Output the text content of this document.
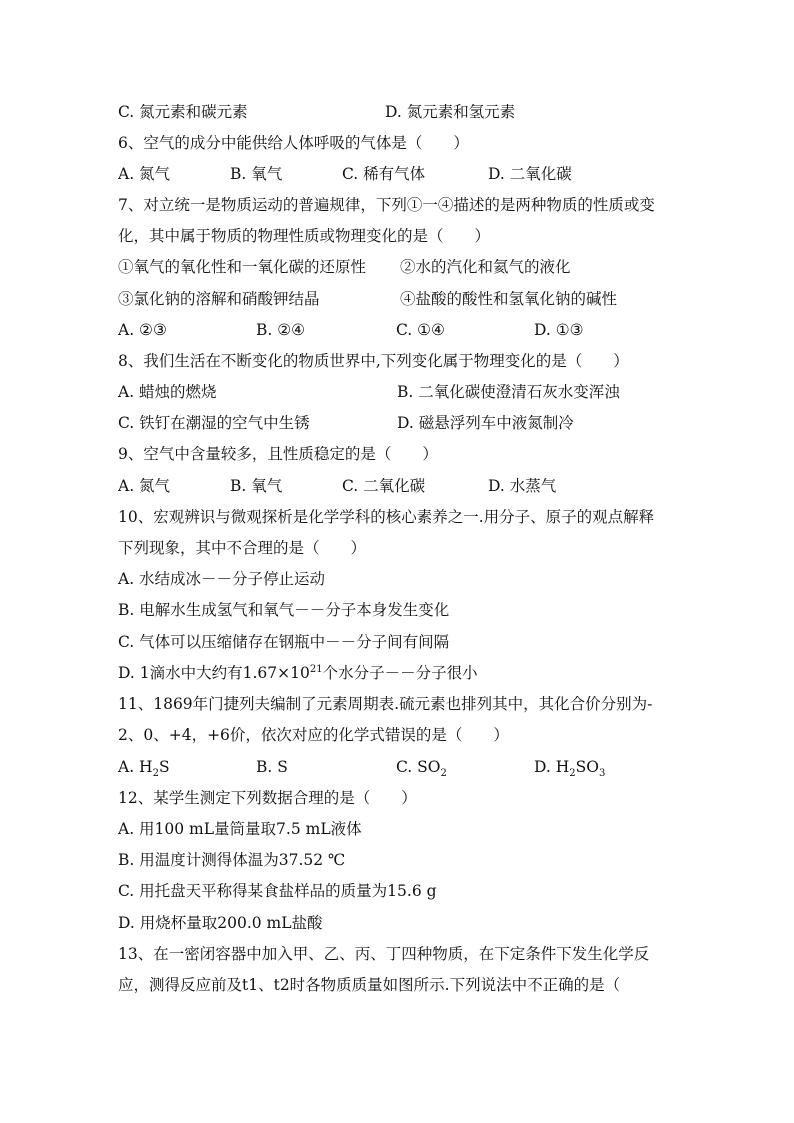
C. 氮元素和碳元素	D. 氮元素和氢元素
6、空气的成分中能供给人体呼吸的气体是（　　）
A. 氮气	B. 氧气	C. 稀有气体	D. 二氧化碳
7、对立统一是物质运动的普遍规律，下列①一④描述的是两种物质的性质或变
化，其中属于物质的物理性质或物理变化的是（　　）
①氧气的氧化性和一氧化碳的还原性 ②水的汽化和氦气的液化
③氯化钠的溶解和硝酸钾结晶	④盐酸的酸性和氢氧化钠的碱性
A. ②③	B. ②④	C. ①④	D. ①③
8、我们生活在不断变化的物质世界中,下列变化属于物理变化的是（　　）
A. 蜡烛的燃烧	B. 二氧化碳使澄清石灰水变浑浊
C. 铁钉在潮湿的空气中生锈	D. 磁悬浮列车中液氮制冷
9、空气中含量较多，且性质稳定的是（　　）
A. 氮气	B. 氧气	C. 二氧化碳	D. 水蒸气
10、宏观辨识与微观探析是化学学科的核心素养之一.用分子、原子的观点解释
下列现象，其中不合理的是（　　）
A. 水结成冰－－分子停止运动
B. 电解水生成氢气和氧气－－分子本身发生变化
C. 气体可以压缩储存在钢瓶中－－分子间有间隔
D. 1滴水中大约有$1.67\times 10^{21}$个水分子－－分子很小
11、1869年门捷列夫编制了元素周期表.硫元素也排列其中，其化合价分别为-
2、0、+4，+6价，依次对应的化学式错误的是（　　）
A. $H_2S$	B. S	C. $SO_2$	D. $H_2SO_3$
12、某学生测定下列数据合理的是（　　）
A. 用100 mL量筒量取7.5 mL液体
B. 用温度计测得体温为37.52 ℃
C. 用托盘天平称得某食盐样品的质量为15.6 g
D. 用烧杯量取200.0 mL盐酸
13、在一密闭容器中加入甲、乙、丙、丁四种物质，在下定条件下发生化学反
应，测得反应前及t1、t2时各物质质量如图所示.下列说法中不正确的是（
